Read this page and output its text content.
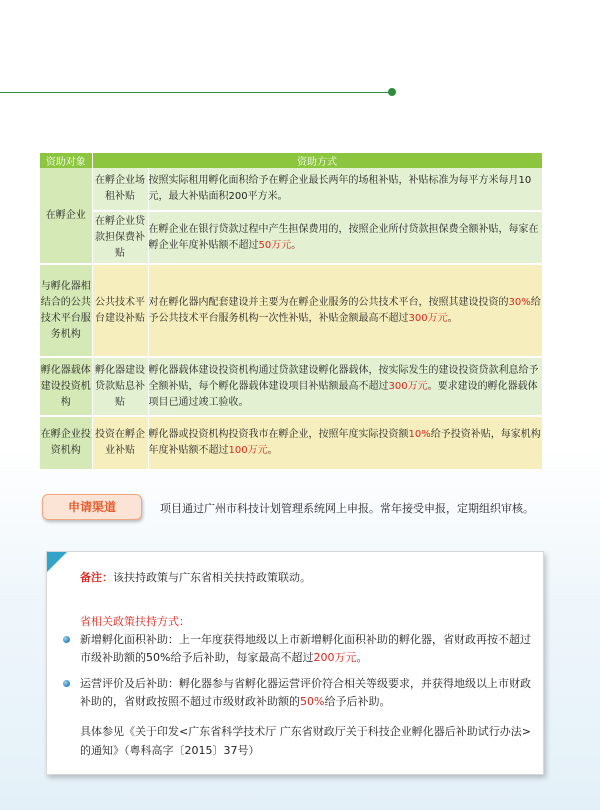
资助对象	资助方式	
在孵企业	在孵企业场租补贴	按照实际租用孵化面积给予在孵企业最长两年的场租补贴，补贴标准为每平方米每月10元，最大补贴面积200平方米。
	在孵企业贷款担保费补贴	在孵企业在银行贷款过程中产生担保费用的，按照企业所付贷款担保费全额补贴，每家在孵企业年度补贴额不超过50万元。
与孵化器相结合的公共技术平台服务机构	公共技术平台建设补贴	对在孵化器内配套建设并主要为在孵企业服务的公共技术平台，按照其建设投资的30%给予公共技术平台服务机构一次性补贴，补贴金额最高不超过300万元。
孵化器载体建设投资机构	孵化器建设贷款贴息补贴	孵化器载体建设投资机构通过贷款建设孵化器载体，按实际发生的建设投资贷款利息给予全额补贴，每个孵化器载体建设项目补贴额最高不超过300万元。要求建设的孵化器载体项目已通过竣工验收。
在孵企业投资机构	投资在孵企业补贴	孵化器或投资机构投资我市在孵企业，按照年度实际投资额10%给予投资补贴，每家机构年度补贴额不超过100万元。
申请渠道	项目通过广州市科技计划管理系统网上申报。常年接受申报，定期组织审核。
备注：该扶持政策与广东省相关扶持政策联动。
省相关政策扶持方式：
新增孵化面积补助：上一年度获得地级以上市新增孵化面积补助的孵化器，省财政再按不超过市级补助额的50%给予后补助，每家最高不超过200万元。
运营评价及后补助：孵化器参与省孵化器运营评价符合相关等级要求，并获得地级以上市财政补助的，省财政按照不超过市级财政补助额的50%给予后补助。
具体参见《关于印发<广东省科学技术厅 广东省财政厅关于科技企业孵化器后补助试行办法>的通知》（粤科高字〔2015〕37号）
